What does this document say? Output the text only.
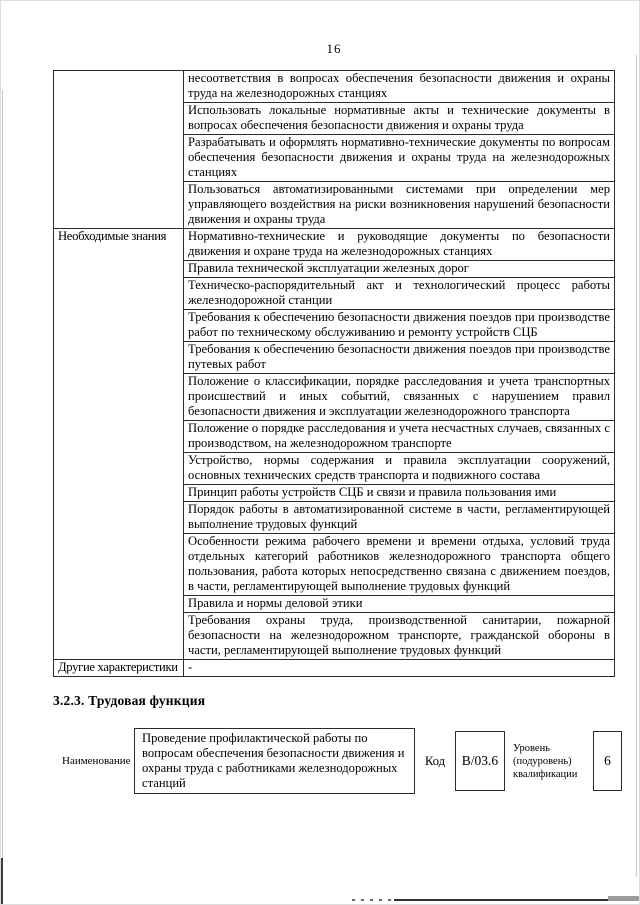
16
	несоответствия в вопросах обеспечения безопасности движения и охраны труда на железнодорожных станциях
	Использовать локальные нормативные акты и технические документы в вопросах обеспечения безопасности движения и охраны труда
	Разрабатывать и оформлять нормативно-технические документы по вопросам обеспечения безопасности движения и охраны труда на железнодорожных станциях
	Пользоваться автоматизированными системами при определении мер управляющего воздействия на риски возникновения нарушений безопасности движения и охраны труда
Необходимые знания	Нормативно-технические и руководящие документы по безопасности движения и охране труда на железнодорожных станциях
	Правила технической эксплуатации железных дорог
	Техническо-распорядительный акт и технологический процесс работы железнодорожной станции
	Требования к обеспечению безопасности движения поездов при производстве работ по техническому обслуживанию и ремонту устройств СЦБ
	Требования к обеспечению безопасности движения поездов при производстве путевых работ
	Положение о классификации, порядке расследования и учета транспортных происшествий и иных событий, связанных с нарушением правил безопасности движения и эксплуатации железнодорожного транспорта
	Положение о порядке расследования и учета несчастных случаев, связанных с производством, на железнодорожном транспорте
	Устройство, нормы содержания и правила эксплуатации сооружений, основных технических средств транспорта и подвижного состава
	Принцип работы устройств СЦБ и связи и правила пользования ими
	Порядок работы в автоматизированной системе в части, регламентирующей выполнение трудовых функций
	Особенности режима рабочего времени и времени отдыха, условий труда отдельных категорий работников железнодорожного транспорта общего пользования, работа которых непосредственно связана с движением поездов, в части, регламентирующей выполнение трудовых функций
	Правила и нормы деловой этики
	Требования охраны труда, производственной санитарии, пожарной безопасности на железнодорожном транспорте, гражданской обороны в части, регламентирующей выполнение трудовых функций
Другие характеристики	-
3.2.3. Трудовая функция
Наименование
Проведение профилактической работы по вопросам обеспечения безопасности движения и охраны труда с работниками железнодорожных станций
Код	В/03.6
Уровень (подуровень) квалификации
6
